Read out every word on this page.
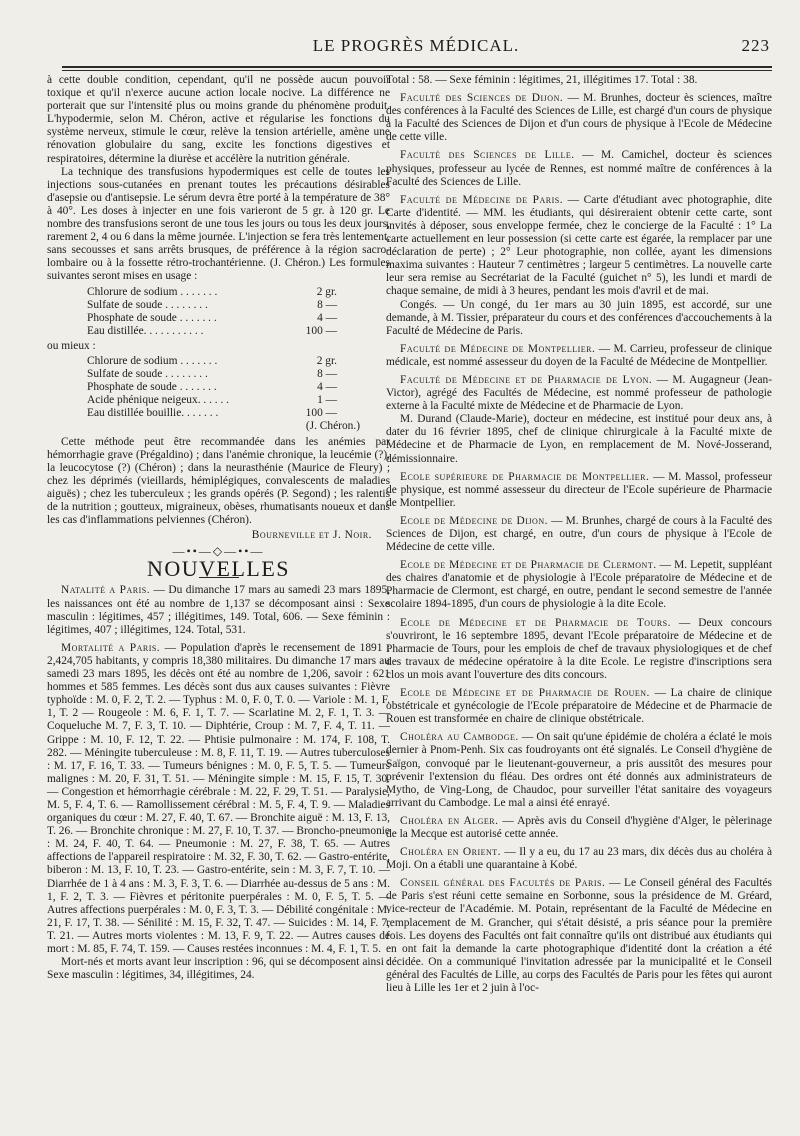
LE PROGRÈS MÉDICAL.	223

à cette double condition, cependant, qu'il ne possède aucun pouvoir toxique et qu'il n'exerce aucune action locale nocive. La différence ne porterait que sur l'intensité plus ou moins grande du phénomène produit. L'hypodermie, selon M. Chéron, active et régularise les fonctions du système nerveux, stimule le cœur, relève la tension artérielle, amène une rénovation globulaire du sang, excite les fonctions digestives et respiratoires, détermine la diurèse et accélère la nutrition générale.

La technique des transfusions hypodermiques est celle de toutes les injections sous-cutanées en prenant toutes les précautions désirables d'asepsie ou d'antisepsie. Le sérum devra être porté à la température de 38° à 40°. Les doses à injecter en une fois varieront de 5 gr. à 120 gr. Le nombre des transfusions seront de une tous les jours ou tous les deux jours, rarement 2, 4 ou 6 dans la même journée. L'injection se fera très lentement, sans secousses et sans arrêts brusques, de préférence à la région sacro-lombaire ou à la fossette rétro-trochantérienne. (J. Chéron.) Les formules suivantes seront mises en usage :

Chlorure de sodium . . . . . . .	2 gr.
Sulfate de soude . . . . . . . .	8 —
Phosphate de soude . . . . . . .	4 —
Eau distillée. . . . . . . . . . .	100 —
ou mieux :
Chlorure de sodium . . . . . . .	2 gr.
Sulfate de soude . . . . . . . .	8 —
Phosphate de soude . . . . . . .	4 —
Acide phénique neigeux. . . . . .	1 —
Eau distillée bouillie. . . . . . .	100 —
(J. Chéron.)

Cette méthode peut être recommandée dans les anémies par hémorrhagie grave (Prégaldino) ; dans l'anémie chronique, la leucémie (?), la leucocytose (?) (Chéron) ; dans la neurasthénie (Maurice de Fleury) ; chez les déprimés (vieillards, hémiplégiques, convalescents de maladies aiguës) ; chez les tuberculeux ; les grands opérés (P. Segond) ; les ralentis de la nutrition ; goutteux, migraineux, obèses, rhumatisants noueux et dans les cas d'inflammations pelviennes (Chéron).

Bourneville et J. Noir.
—••—◇—••—
NOUVELLES

Natalité a Paris. — Du dimanche 17 mars au samedi 23 mars 1895, les naissances ont été au nombre de 1,137 se décomposant ainsi : Sexe masculin : légitimes, 457 ; illégitimes, 149. Total, 606. — Sexe féminin : légitimes, 407 ; illégitimes, 124. Total, 531.

Mortalité a Paris. — Population d'après le recensement de 1891 : 2,424,705 habitants, y compris 18,380 militaires. Du dimanche 17 mars au samedi 23 mars 1895, les décès ont été au nombre de 1,206, savoir : 621 hommes et 585 femmes. Les décès sont dus aux causes suivantes : Fièvre typhoïde : M. 0, F. 2, T. 2. — Typhus : M. 0, F. 0, T. 0. — Variole : M. 1, F. 1, T. 2 — Rougeole : M. 6, F. 1, T. 7. — Scarlatine M. 2, F. 1, T. 3. — Coqueluche M. 7, F. 3, T. 10. — Diphtérie, Croup : M. 7, F. 4, T. 11. — Grippe : M. 10, F. 12, T. 22. — Phtisie pulmonaire : M. 174, F. 108, T. 282. — Méningite tuberculeuse : M. 8, F. 11, T. 19. — Autres tuberculoses : M. 17, F. 16, T. 33. — Tumeurs bénignes : M. 0, F. 5, T. 5. — Tumeurs malignes : M. 20, F. 31, T. 51. — Méningite simple : M. 15, F. 15, T. 30. — Congestion et hémorrhagie cérébrale : M. 22, F. 29, T. 51. — Paralysie, M. 5, F. 4, T. 6. — Ramollissement cérébral : M. 5, F. 4, T. 9. — Maladies organiques du cœur : M. 27, F. 40, T. 67. — Bronchite aiguë : M. 13, F. 13, T. 26. — Bronchite chronique : M. 27, F. 10, T. 37. — Broncho-pneumonie : M. 24, F. 40, T. 64. — Pneumonie : M. 27, F. 38, T. 65. — Autres affections de l'appareil respiratoire : M. 32, F. 30, T. 62. — Gastro-entérite, biberon : M. 13, F. 10, T. 23. — Gastro-entérite, sein : M. 3, F. 7, T. 10. — Diarrhée de 1 à 4 ans : M. 3, F. 3, T. 6. — Diarrhée au-dessus de 5 ans : M. 1, F. 2, T. 3. — Fièvres et péritonite puerpérales : M. 0, F. 5, T. 5. — Autres affections puerpérales : M. 0, F. 3, T. 3. — Débilité congénitale : M. 21, F. 17, T. 38. — Sénilité : M. 15, F. 32, T. 47. — Suicides : M. 14, F. 7, T. 21. — Autres morts violentes : M. 13, F. 9, T. 22. — Autres causes de mort : M. 85, F. 74, T. 159. — Causes restées inconnues : M. 4, F. 1, T. 5.

Mort-nés et morts avant leur inscription : 96, qui se décomposent ainsi : Sexe masculin : légitimes, 34, illégitimes, 24.

Total : 58. — Sexe féminin : légitimes, 21, illégitimes 17. Total : 38.

Faculté des Sciences de Dijon. — M. Brunhes, docteur ès sciences, maître des conférences à la Faculté des Sciences de Lille, est chargé d'un cours de physique à la Faculté des Sciences de Dijon et d'un cours de physique à l'Ecole de Médecine de cette ville.

Faculté des Sciences de Lille. — M. Camichel, docteur ès sciences physiques, professeur au lycée de Rennes, est nommé maître de conférences à la Faculté des Sciences de Lille.

Faculté de Médecine de Paris. — Carte d'étudiant avec photographie, dite Carte d'identité. — MM. les étudiants, qui désireraient obtenir cette carte, sont invités à déposer, sous enveloppe fermée, chez le concierge de la Faculté : 1° La carte actuellement en leur possession (si cette carte est égarée, la remplacer par une déclaration de perte) ; 2° Leur photographie, non collée, ayant les dimensions maxima suivantes : Hauteur 7 centimètres ; largeur 5 centimètres. La nouvelle carte leur sera remise au Secrétariat de la Faculté (guichet n° 5), les lundi et mardi de chaque semaine, de midi à 3 heures, pendant les mois d'avril et de mai.

Congés. — Un congé, du 1er mars au 30 juin 1895, est accordé, sur une demande, à M. Tissier, préparateur du cours et des conférences d'accouchements à la Faculté de Médecine de Paris.

Faculté de Médecine de Montpellier. — M. Carrieu, professeur de clinique médicale, est nommé assesseur du doyen de la Faculté de Médecine de Montpellier.

Faculté de Médecine et de Pharmacie de Lyon. — M. Augagneur (Jean-Victor), agrégé des Facultés de Médecine, est nommé professeur de pathologie externe à la Faculté mixte de Médecine et de Pharmacie de Lyon.

M. Durand (Claude-Marie), docteur en médecine, est institué pour deux ans, à dater du 16 février 1895, chef de clinique chirurgicale à la Faculté mixte de Médecine et de Pharmacie de Lyon, en remplacement de M. Nové-Josserand, démissionnaire.

Ecole supérieure de Pharmacie de Montpellier. — M. Massol, professeur de physique, est nommé assesseur du directeur de l'Ecole supérieure de Pharmacie de Montpellier.

Ecole de Médecine de Dijon. — M. Brunhes, chargé de cours à la Faculté des Sciences de Dijon, est chargé, en outre, d'un cours de physique à l'Ecole de Médecine de cette ville.

Ecole de Médecine et de Pharmacie de Clermont. — M. Lepetit, suppléant des chaires d'anatomie et de physiologie à l'Ecole préparatoire de Médecine et de Pharmacie de Clermont, est chargé, en outre, pendant le second semestre de l'année scolaire 1894-1895, d'un cours de physiologie à la dite Ecole.

Ecole de Médecine et de Pharmacie de Tours. — Deux concours s'ouvriront, le 16 septembre 1895, devant l'Ecole préparatoire de Médecine et de Pharmacie de Tours, pour les emplois de chef de travaux physiologiques et de chef des travaux de médecine opératoire à la dite Ecole. Le registre d'inscriptions sera clos un mois avant l'ouverture des dits concours.

Ecole de Médecine et de Pharmacie de Rouen. — La chaire de clinique obstétricale et gynécologie de l'Ecole préparatoire de Médecine et de Pharmacie de Rouen est transformée en chaire de clinique obstétricale.

Choléra au Cambodge. — On sait qu'une épidémie de choléra a éclaté le mois dernier à Pnom-Penh. Six cas foudroyants ont été signalés. Le Conseil d'hygiène de Saïgon, convoqué par le lieutenant-gouverneur, a pris aussitôt des mesures pour prévenir l'extension du fléau. Des ordres ont été donnés aux administrateurs de Mytho, de Ving-Long, de Chaudoc, pour surveiller l'état sanitaire des voyageurs arrivant du Cambodge. Le mal a ainsi été enrayé.

Choléra en Alger. — Après avis du Conseil d'hygiène d'Alger, le pèlerinage de la Mecque est autorisé cette année.

Choléra en Orient. — Il y a eu, du 17 au 23 mars, dix décès dus au choléra à Moji. On a établi une quarantaine à Kobé.

Conseil général des Facultés de Paris. — Le Conseil général des Facultés de Paris s'est réuni cette semaine en Sorbonne, sous la présidence de M. Gréard, vice-recteur de l'Académie. M. Potain, représentant de la Faculté de Médecine en remplacement de M. Grancher, qui s'était désisté, a pris séance pour la première fois. Les doyens des Facultés ont fait connaître qu'ils ont distribué aux étudiants qui en ont fait la demande la carte photographique d'identité dont la création a été décidée. On a communiqué l'invitation adressée par la municipalité et le Conseil général des Facultés de Lille, au corps des Facultés de Paris pour les fêtes qui auront lieu à Lille les 1er et 2 juin à l'oc-
